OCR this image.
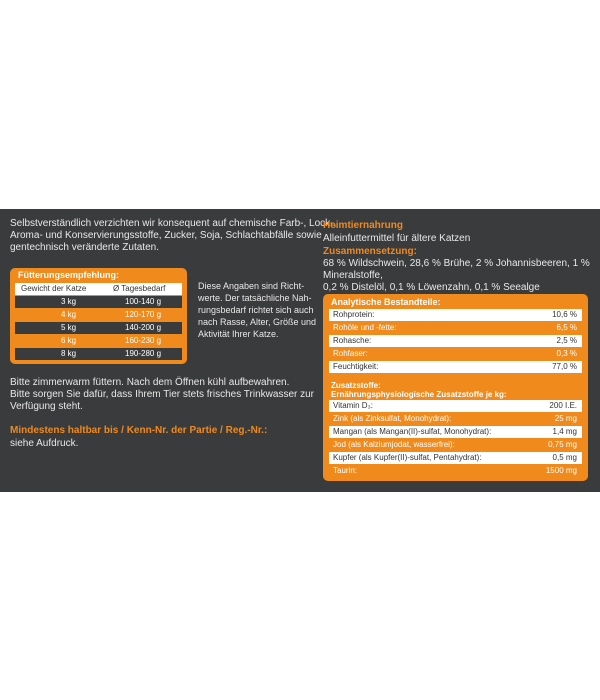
Selbstverständlich verzichten wir konsequent auf chemische Farb-, Lock-,
Aroma- und Konservierungsstoffe, Zucker, Soja, Schlachtabfälle sowie
gentechnisch veränderte Zutaten.
Fütterungsempfehlung:
Gewicht der Katze	Ø Tagesbedarf
3 kg	100-140 g
4 kg	120-170 g
5 kg	140-200 g
6 kg	160-230 g
8 kg	190-280 g
Diese Angaben sind Richt-
werte. Der tatsächliche Nah-
rungsbedarf richtet sich auch
nach Rasse, Alter, Größe und
Aktivität Ihrer Katze.
Bitte zimmerwarm füttern. Nach dem Öffnen kühl aufbewahren.
Bitte sorgen Sie dafür, dass Ihrem Tier stets frisches Trinkwasser zur
Verfügung steht.
Mindestens haltbar bis / Kenn-Nr. der Partie / Reg.-Nr.:
siehe Aufdruck.
Heimtiernahrung
Alleinfuttermittel für ältere Katzen
Zusammensetzung:
68 % Wildschwein, 28,6 % Brühe, 2 % Johannisbeeren, 1 % Mineralstoffe,
0,2 % Distelöl, 0,1 % Löwenzahn, 0,1 % Seealge
Analytische Bestandteile:
Rohprotein:	10,6 %
Rohöle und -fette:	6,5 %
Rohasche:	2,5 %
Rohfaser:	0,3 %
Feuchtigkeit:	77,0 %
Zusatzstoffe:
Ernährungsphysiologische Zusatzstoffe je kg:
Vitamin D₃:	200 I.E.
Zink (als Zinksulfat, Monohydrat):	25 mg
Mangan (als Mangan(II)-sulfat, Monohydrat):	1,4 mg
Jod (als Kalziumjodat, wasserfrei):	0,75 mg
Kupfer (als Kupfer(II)-sulfat, Pentahydrat):	0,5 mg
Taurin:	1500 mg
